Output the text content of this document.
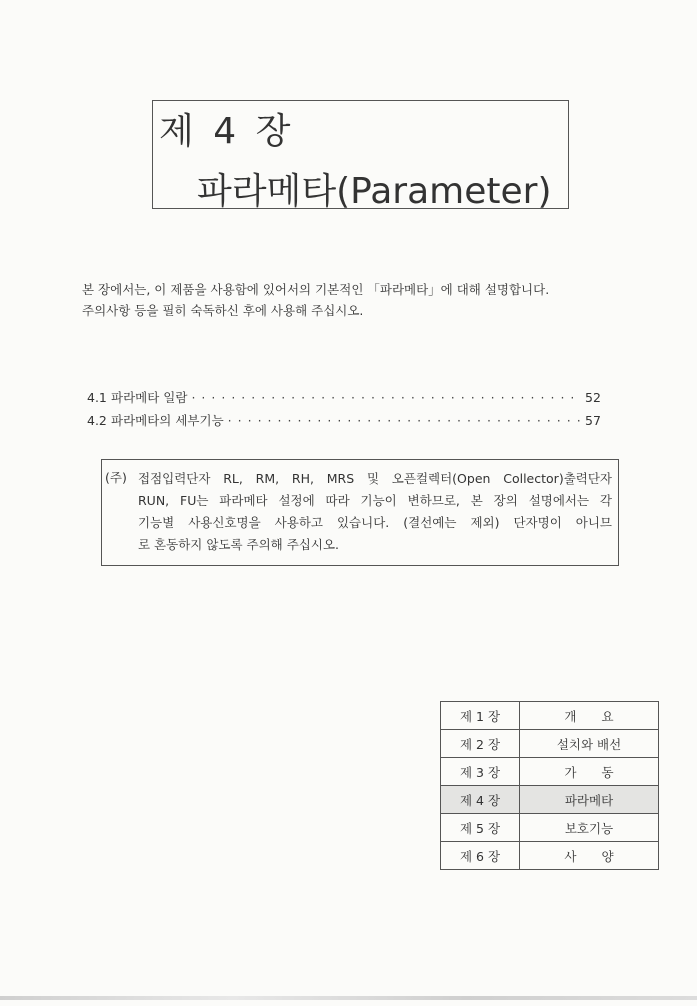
제 4 장
파라메타(Parameter)

본 장에서는, 이 제품을 사용함에 있어서의 기본적인 「파라메타」에 대해 설명합니다.

주의사항 등을 필히 숙독하신 후에 사용해 주십시오.

4.1 파라메타 일람 ·····	52
4.2 파라메타의 세부기능 ·····	57
(주) 접점입력단자 RL, RM, RH, MRS 및 오픈컬렉터(Open Collector)출력단자
RUN, FU는 파라메타 설정에 따라 기능이 변하므로, 본 장의 설명에서는 각
기능별 사용신호명을 사용하고 있습니다. (결선예는 제외) 단자명이 아니므
로 혼동하지 않도록 주의해 주십시오.
제 1 장	개　　요
제 2 장	설치와 배선
제 3 장	가　　동
제 4 장	파라메타
제 5 장	보호기능
제 6 장	사　　양
